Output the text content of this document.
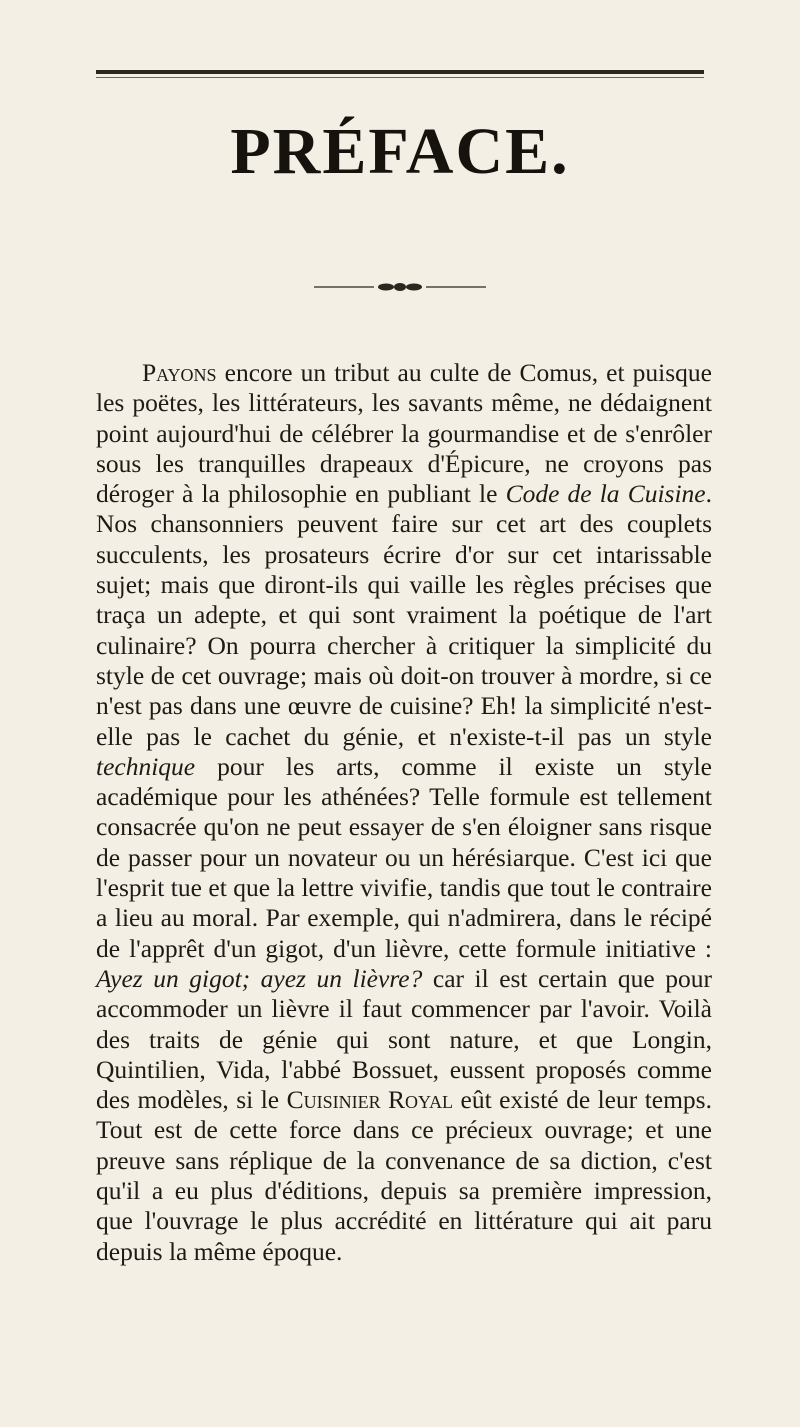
PRÉFACE.

Payons encore un tribut au culte de Comus, et puisque les poëtes, les littérateurs, les savants même, ne dédaignent point aujourd'hui de célébrer la gourmandise et de s'enrôler sous les tranquilles drapeaux d'Épicure, ne croyons pas déroger à la philosophie en publiant le Code de la Cuisine. Nos chansonniers peuvent faire sur cet art des couplets succulents, les prosateurs écrire d'or sur cet intarissable sujet; mais que diront-ils qui vaille les règles précises que traça un adepte, et qui sont vraiment la poétique de l'art culinaire? On pourra chercher à critiquer la simplicité du style de cet ouvrage; mais où doit-on trouver à mordre, si ce n'est pas dans une œuvre de cuisine? Eh! la simplicité n'est-elle pas le cachet du génie, et n'existe-t-il pas un style technique pour les arts, comme il existe un style académique pour les athénées? Telle formule est tellement consacrée qu'on ne peut essayer de s'en éloigner sans risque de passer pour un novateur ou un hérésiarque. C'est ici que l'esprit tue et que la lettre vivifie, tandis que tout le contraire a lieu au moral. Par exemple, qui n'admirera, dans le récipé de l'apprêt d'un gigot, d'un lièvre, cette formule initiative : Ayez un gigot; ayez un lièvre? car il est certain que pour accommoder un lièvre il faut commencer par l'avoir. Voilà des traits de génie qui sont nature, et que Longin, Quintilien, Vida, l'abbé Bossuet, eussent proposés comme des modèles, si le Cuisinier Royal eût existé de leur temps. Tout est de cette force dans ce précieux ouvrage; et une preuve sans réplique de la convenance de sa diction, c'est qu'il a eu plus d'éditions, depuis sa première impression, que l'ouvrage le plus accrédité en littérature qui ait paru depuis la même époque.
